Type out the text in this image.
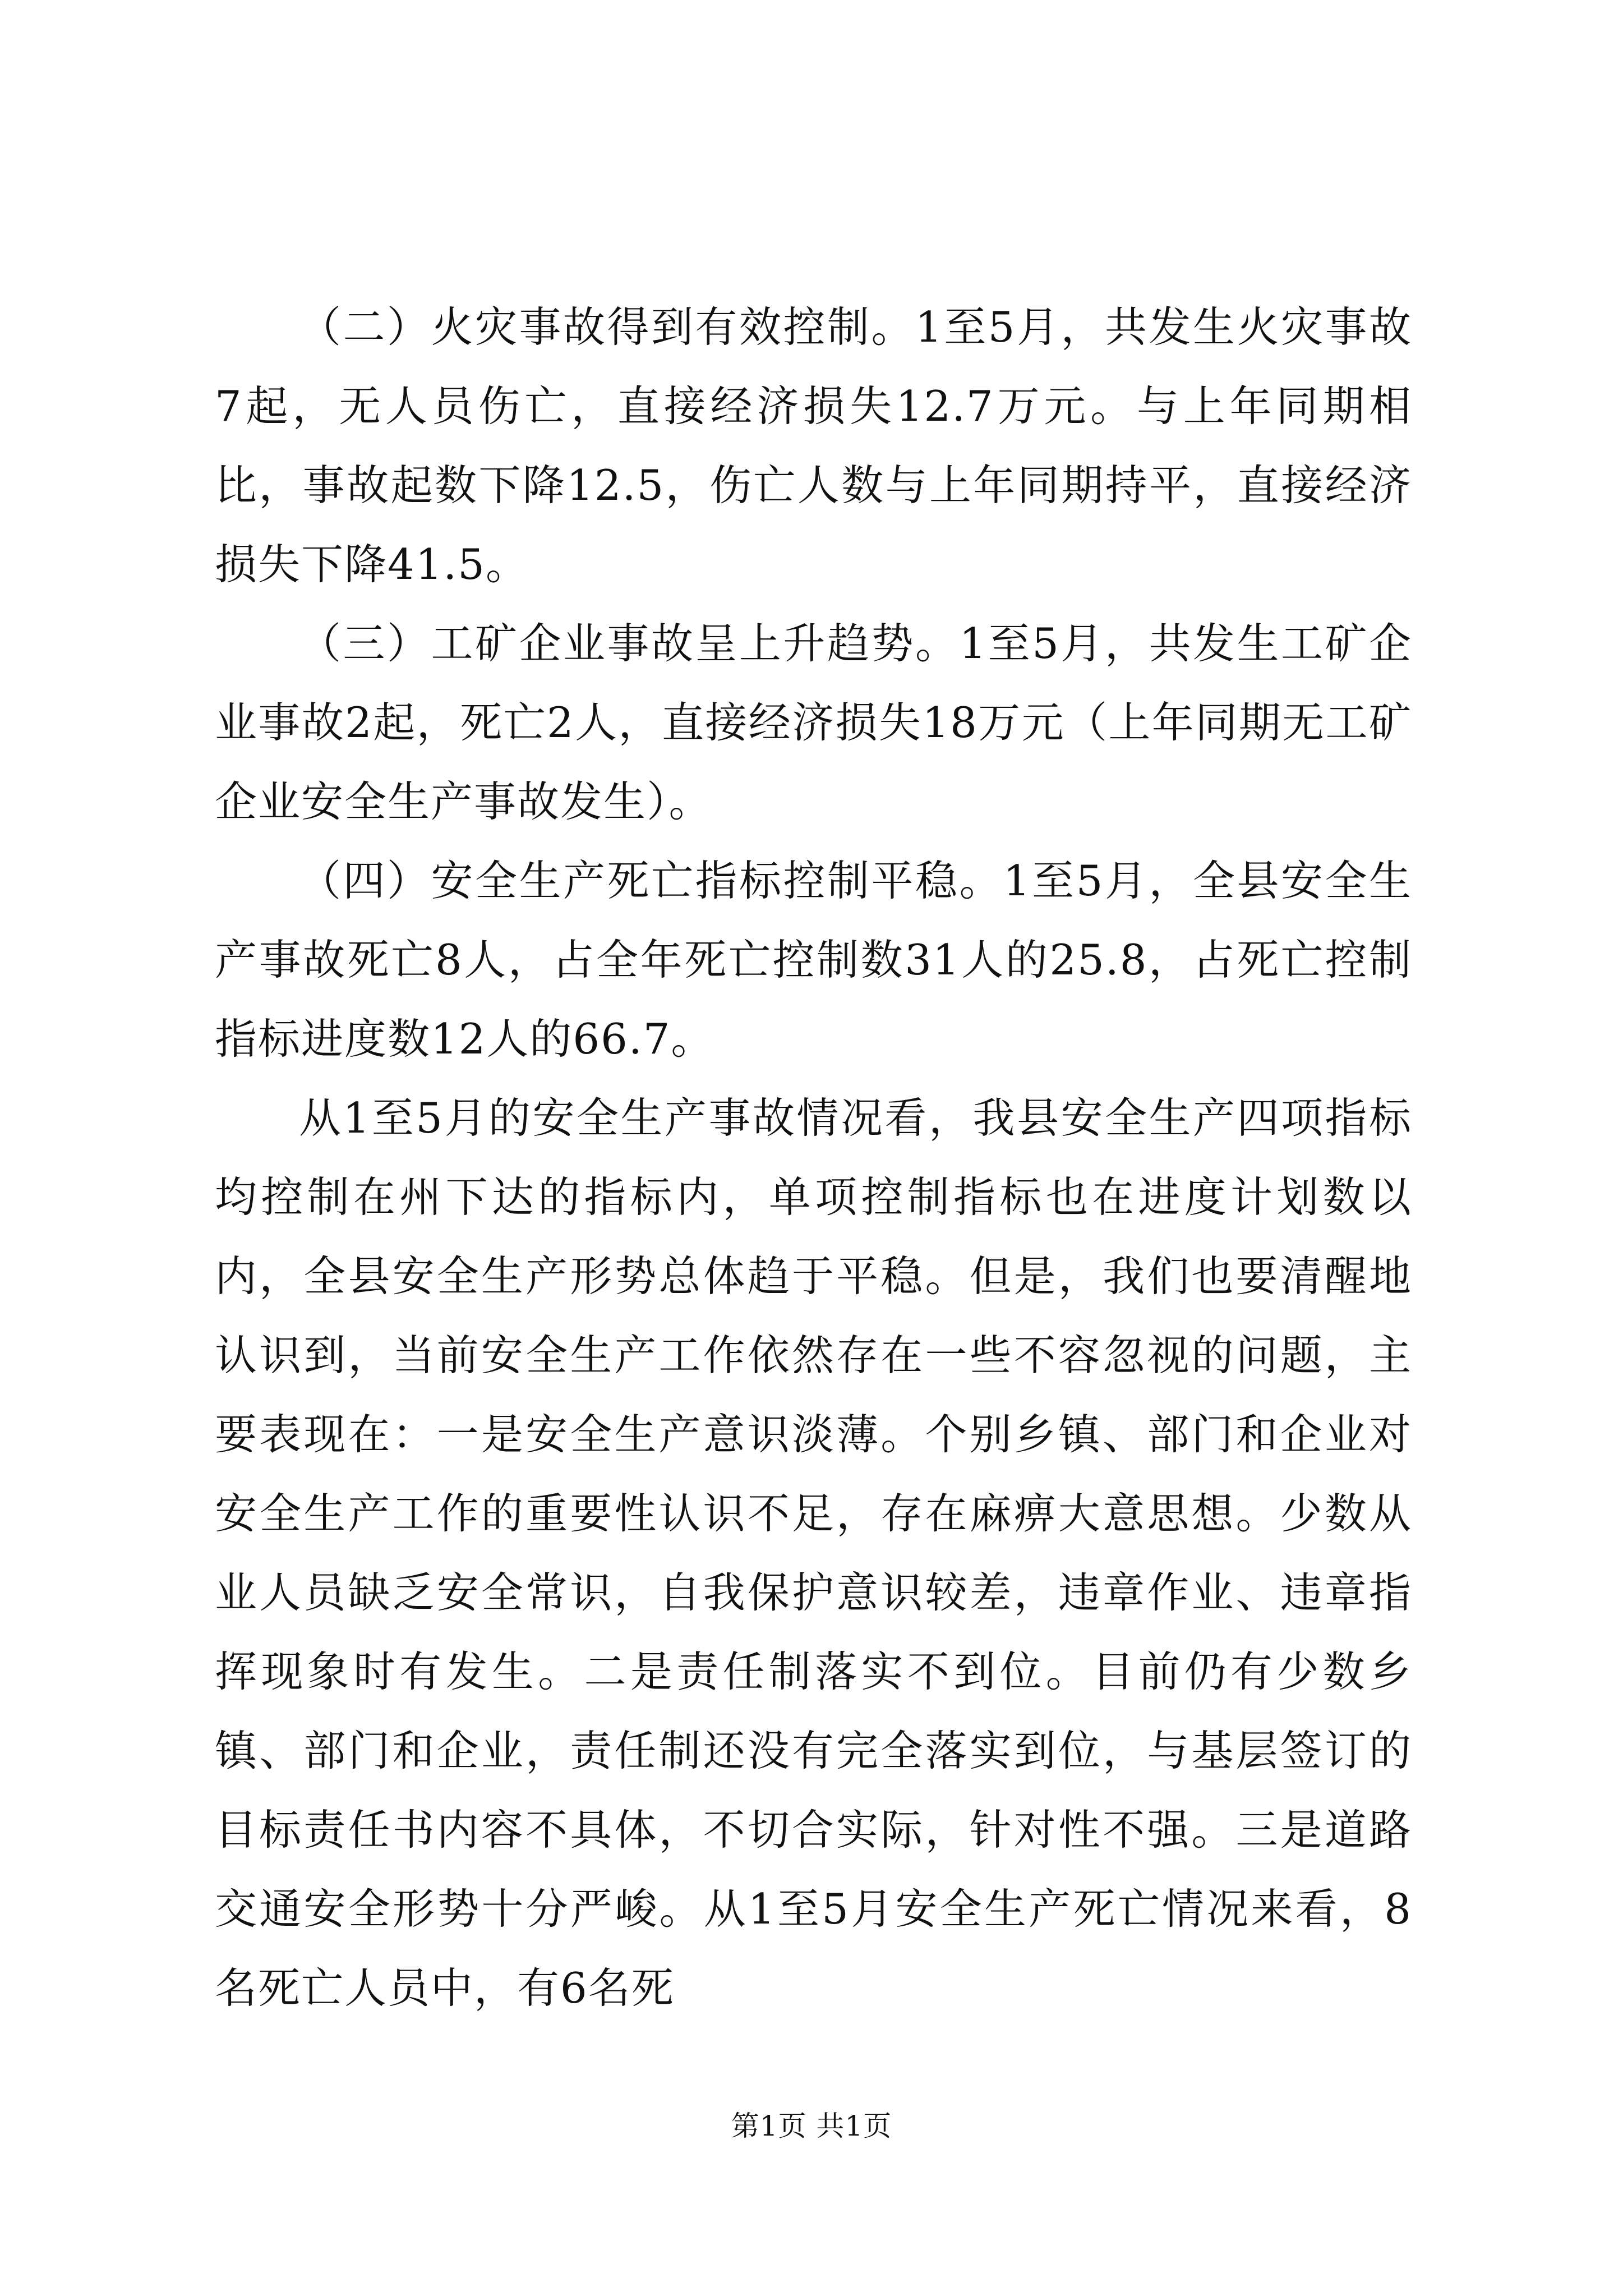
（二）火灾事故得到有效控制。1至5月，共发生火灾事故7起，无人员伤亡，直接经济损失12.7万元。与上年同期相比，事故起数下降12.5，伤亡人数与上年同期持平，直接经济损失下降41.5。

（三）工矿企业事故呈上升趋势。1至5月，共发生工矿企业事故2起，死亡2人，直接经济损失18万元（上年同期无工矿企业安全生产事故发生）。

（四）安全生产死亡指标控制平稳。1至5月，全县安全生产事故死亡8人，占全年死亡控制数31人的25.8，占死亡控制指标进度数12人的66.7。

从1至5月的安全生产事故情况看，我县安全生产四项指标均控制在州下达的指标内，单项控制指标也在进度计划数以内，全县安全生产形势总体趋于平稳。但是，我们也要清醒地认识到，当前安全生产工作依然存在一些不容忽视的问题，主要表现在：一是安全生产意识淡薄。个别乡镇、部门和企业对安全生产工作的重要性认识不足，存在麻痹大意思想。少数从业人员缺乏安全常识，自我保护意识较差，违章作业、违章指挥现象时有发生。二是责任制落实不到位。目前仍有少数乡镇、部门和企业，责任制还没有完全落实到位，与基层签订的目标责任书内容不具体，不切合实际，针对性不强。三是道路交通安全形势十分严峻。从1至5月安全生产死亡情况来看，8名死亡人员中，有6名死

第1页 共1页
